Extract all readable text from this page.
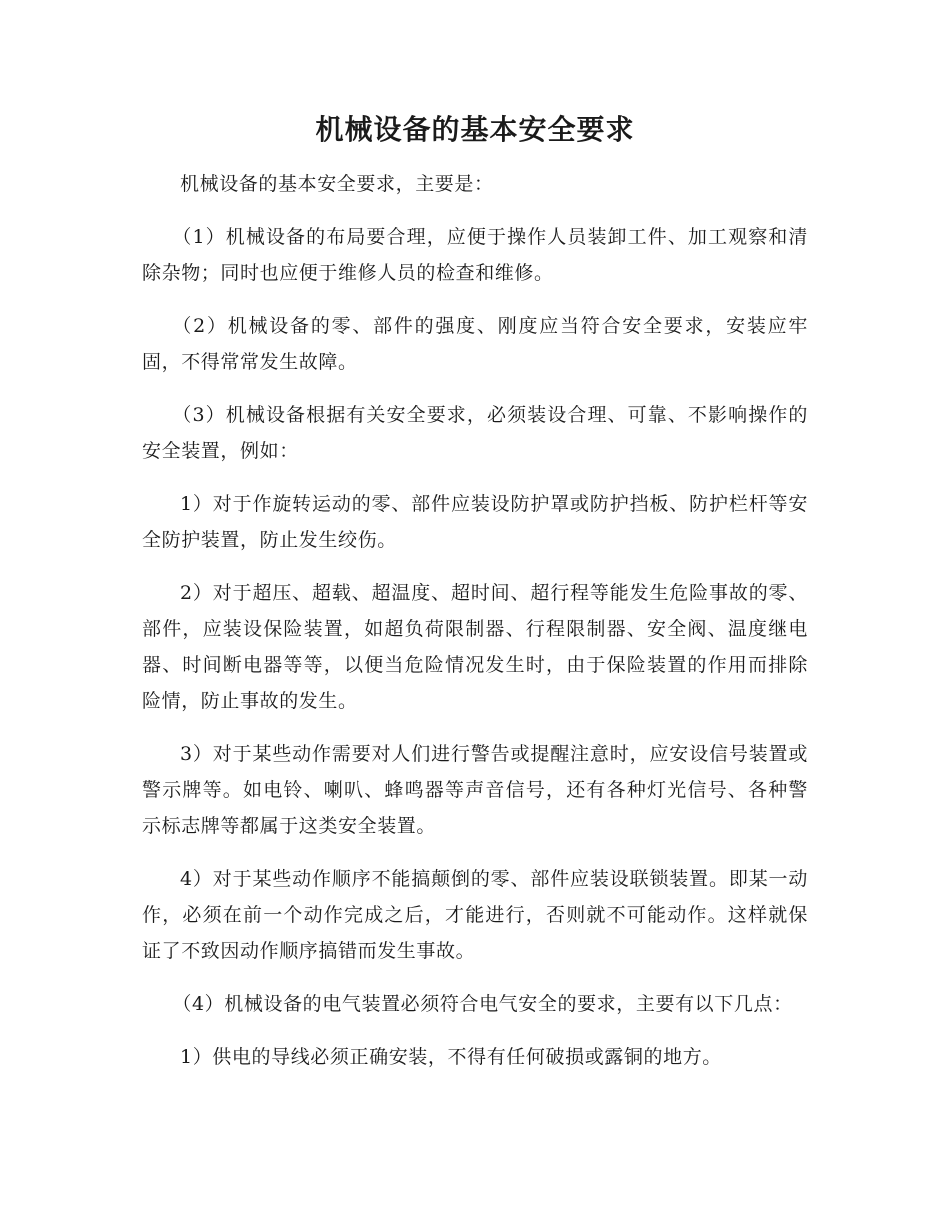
机械设备的基本安全要求

机械设备的基本安全要求，主要是：

（1）机械设备的布局要合理，应便于操作人员装卸工件、加工观察和清除杂物；同时也应便于维修人员的检查和维修。

（2）机械设备的零、部件的强度、刚度应当符合安全要求，安装应牢固，不得常常发生故障。

（3）机械设备根据有关安全要求，必须装设合理、可靠、不影响操作的安全装置，例如：

1）对于作旋转运动的零、部件应装设防护罩或防护挡板、防护栏杆等安全防护装置，防止发生绞伤。

2）对于超压、超载、超温度、超时间、超行程等能发生危险事故的零、部件，应装设保险装置，如超负荷限制器、行程限制器、安全阀、温度继电器、时间断电器等等，以便当危险情况发生时，由于保险装置的作用而排除险情，防止事故的发生。

3）对于某些动作需要对人们进行警告或提醒注意时，应安设信号装置或警示牌等。如电铃、喇叭、蜂鸣器等声音信号，还有各种灯光信号、各种警示标志牌等都属于这类安全装置。

4）对于某些动作顺序不能搞颠倒的零、部件应装设联锁装置。即某一动作，必须在前一个动作完成之后，才能进行，否则就不可能动作。这样就保证了不致因动作顺序搞错而发生事故。

（4）机械设备的电气装置必须符合电气安全的要求，主要有以下几点：

1）供电的导线必须正确安装，不得有任何破损或露铜的地方。
